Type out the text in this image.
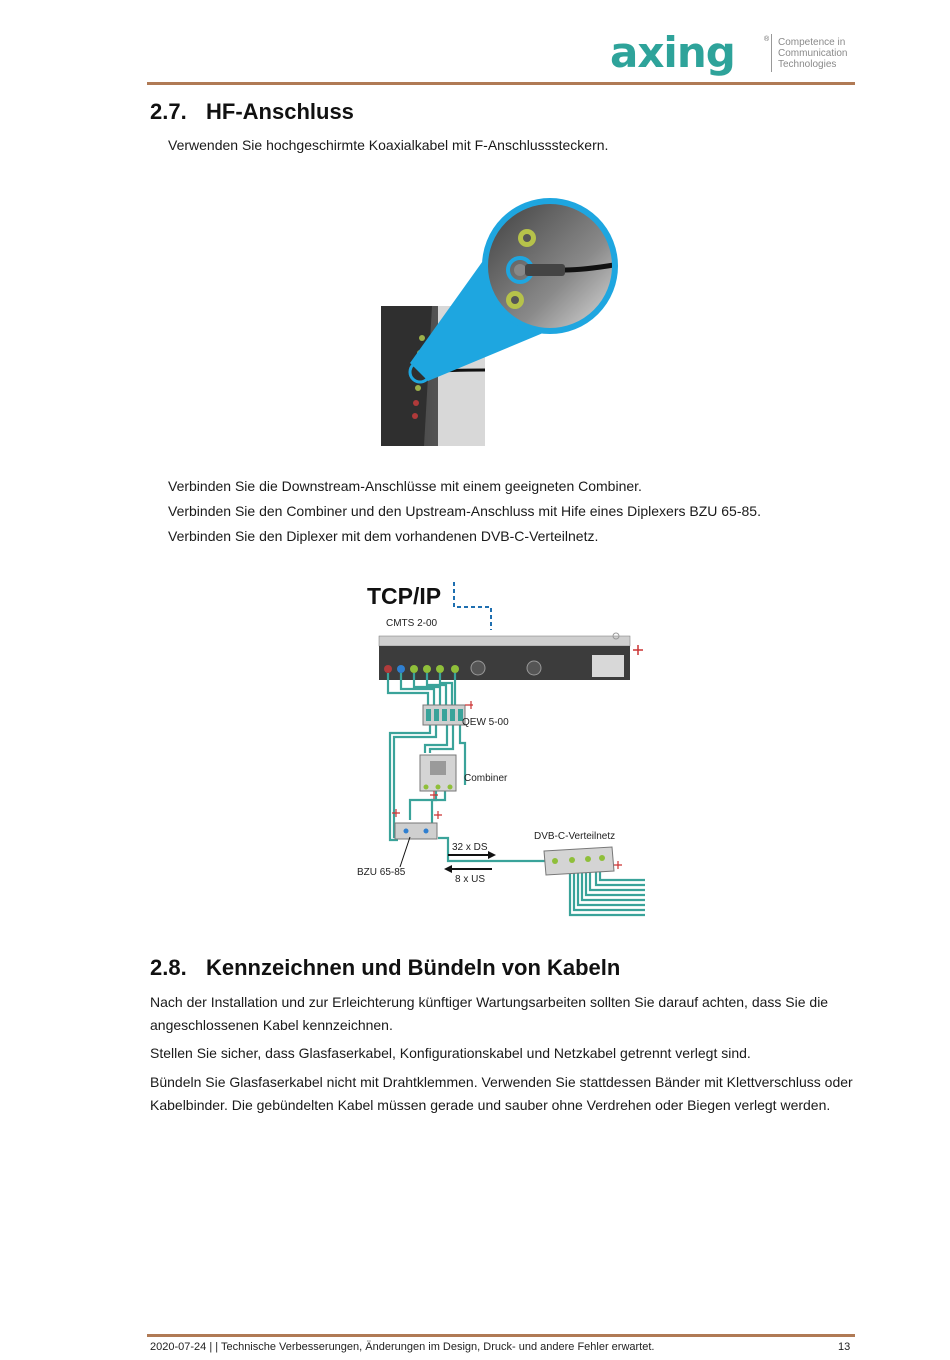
axing	® Competence in
Communication
Technologies
2.7. HF-Anschluss
Verwenden Sie hochgeschirmte Koaxialkabel mit F-Anschlusssteckern.
Verbinden Sie die Downstream-Anschlüsse mit einem geeigneten Combiner.
Verbinden Sie den Combiner und den Upstream-Anschluss mit Hife eines Diplexers BZU 65-85.
Verbinden Sie den Diplexer mit dem vorhandenen DVB-C-Verteilnetz.
TCP/IP
CMTS 2-00
QEW 5-00
Combiner
BZU 65-85
32 x DS
8 x US
DVB-C-Verteilnetz
2.8. Kennzeichnen und Bündeln von Kabeln
Nach der Installation und zur Erleichterung künftiger Wartungsarbeiten sollten Sie darauf achten, dass Sie die angeschlossenen Kabel kennzeichnen.
Stellen Sie sicher, dass Glasfaserkabel, Konfigurationskabel und Netzkabel getrennt verlegt sind.
Bündeln Sie Glasfaserkabel nicht mit Drahtklemmen. Verwenden Sie stattdessen Bänder mit Klettverschluss oder Kabelbinder. Die gebündelten Kabel müssen gerade und sauber ohne Verdrehen oder Biegen verlegt werden.
2020-07-24 | | Technische Verbesserungen, Änderungen im Design, Druck- und andere Fehler erwartet.	13
